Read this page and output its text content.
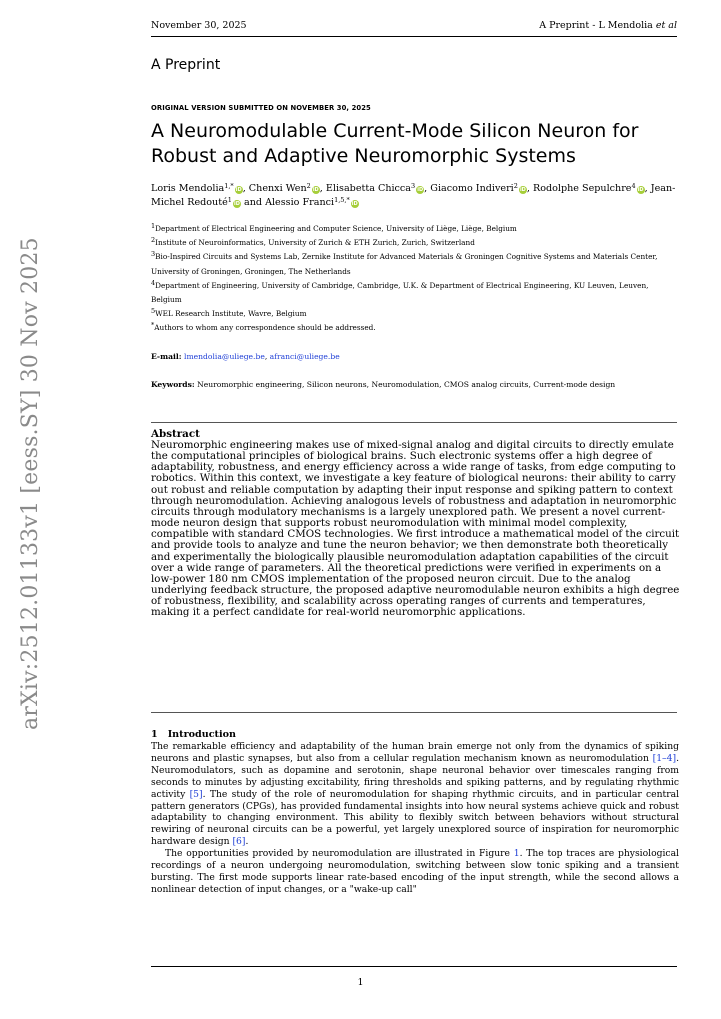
November 30, 2025	A Preprint - L Mendolia et al
arXiv:2512.01133v1 [eess.SY] 30 Nov 2025
A Preprint
ORIGINAL VERSION SUBMITTED ON NOVEMBER 30, 2025
A Neuromodulable Current-Mode Silicon Neuron for Robust and Adaptive Neuromorphic Systems
Loris Mendolia$^{1,*}$ iD, Chenxi Wen$^2$ iD, Elisabetta Chicca$^3$ iD, Giacomo Indiveri$^2$ iD, Rodolphe Sepulchre$^4$ iD, Jean-Michel Redouté$^1$ iD and Alessio Franci$^{1,5,*}$ iD
$^1$Department of Electrical Engineering and Computer Science, University of Liège, Liège, Belgium
$^2$Institute of Neuroinformatics, University of Zurich & ETH Zurich, Zurich, Switzerland
$^3$Bio-Inspired Circuits and Systems Lab, Zernike Institute for Advanced Materials & Groningen Cognitive Systems and Materials Center, University of Groningen, Groningen, The Netherlands
$^4$Department of Engineering, University of Cambridge, Cambridge, U.K. & Department of Electrical Engineering, KU Leuven, Leuven, Belgium
$^5$WEL Research Institute, Wavre, Belgium
*Authors to whom any correspondence should be addressed.
E-mail: lmendolia@uliege.be, afranci@uliege.be
Keywords: Neuromorphic engineering, Silicon neurons, Neuromodulation, CMOS analog circuits, Current-mode design
Abstract
Neuromorphic engineering makes use of mixed-signal analog and digital circuits to directly emulate the computational principles of biological brains. Such electronic systems offer a high degree of adaptability, robustness, and energy efficiency across a wide range of tasks, from edge computing to robotics. Within this context, we investigate a key feature of biological neurons: their ability to carry out robust and reliable computation by adapting their input response and spiking pattern to context through neuromodulation. Achieving analogous levels of robustness and adaptation in neuromorphic circuits through modulatory mechanisms is a largely unexplored path. We present a novel current-mode neuron design that supports robust neuromodulation with minimal model complexity, compatible with standard CMOS technologies. We first introduce a mathematical model of the circuit and provide tools to analyze and tune the neuron behavior; we then demonstrate both theoretically and experimentally the biologically plausible neuromodulation adaptation capabilities of the circuit over a wide range of parameters. All the theoretical predictions were verified in experiments on a low-power 180 nm CMOS implementation of the proposed neuron circuit. Due to the analog underlying feedback structure, the proposed adaptive neuromodulable neuron exhibits a high degree of robustness, flexibility, and scalability across operating ranges of currents and temperatures, making it a perfect candidate for real-world neuromorphic applications.
1 Introduction

The remarkable efficiency and adaptability of the human brain emerge not only from the dynamics of spiking neurons and plastic synapses, but also from a cellular regulation mechanism known as neuromodulation [1–4]. Neuromodulators, such as dopamine and serotonin, shape neuronal behavior over timescales ranging from seconds to minutes by adjusting excitability, firing thresholds and spiking patterns, and by regulating rhythmic activity [5]. The study of the role of neuromodulation for shaping rhythmic circuits, and in particular central pattern generators (CPGs), has provided fundamental insights into how neural systems achieve quick and robust adaptability to changing environment. This ability to flexibly switch between behaviors without structural rewiring of neuronal circuits can be a powerful, yet largely unexplored source of inspiration for neuromorphic hardware design [6].

The opportunities provided by neuromodulation are illustrated in Figure 1. The top traces are physiological recordings of a neuron undergoing neuromodulation, switching between slow tonic spiking and a transient bursting. The first mode supports linear rate-based encoding of the input strength, while the second allows a nonlinear detection of input changes, or a "wake-up call"

1
